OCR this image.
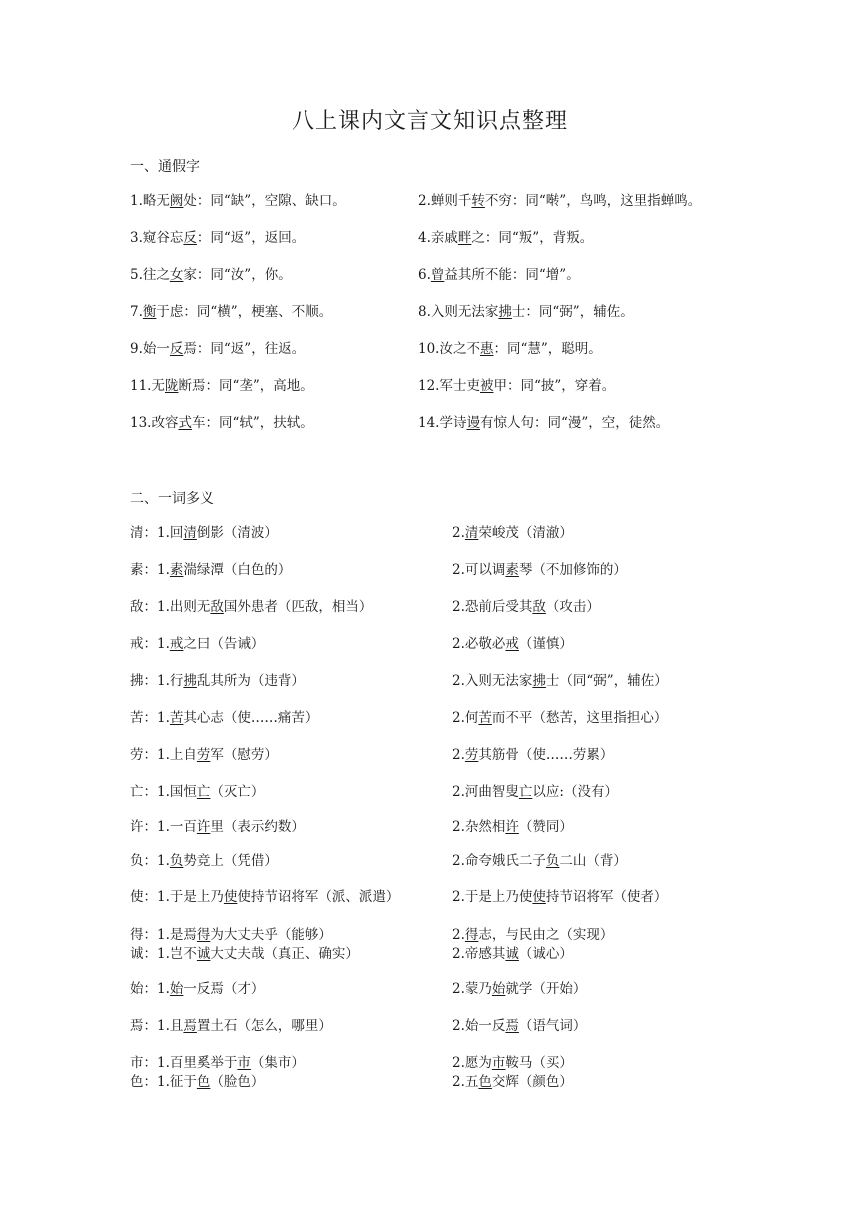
八上课内文言文知识点整理
一、通假字
1.略无阙处：同“缺”，空隙、缺口。	2.蝉则千转不穷：同“啭”，鸟鸣，这里指蝉鸣。
3.窥谷忘反：同“返”，返回。	4.亲戚畔之：同“叛”，背叛。
5.往之女家：同“汝”，你。	6.曾益其所不能：同“增”。
7.衡于虑：同“横”，梗塞、不顺。	8.入则无法家拂士：同“弼”，辅佐。
9.始一反焉：同“返”，往返。	10.汝之不惠：同“慧”，聪明。
11.无陇断焉：同“垄”，高地。	12.军士吏被甲：同“披”，穿着。
13.改容式车：同“轼”，扶轼。	14.学诗谩有惊人句：同“漫”，空，徒然。
二、一词多义
清：1.回清倒影（清波）	2.清荣峻茂（清澈）
素：1.素湍绿潭（白色的）	2.可以调素琴（不加修饰的）
敌：1.出则无敌国外患者（匹敌，相当）	2.恐前后受其敌（攻击）
戒：1.戒之曰（告诫）	2.必敬必戒（谨慎）
拂：1.行拂乱其所为（违背）	2.入则无法家拂士（同“弼”，辅佐）
苦：1.苦其心志（使……痛苦）	2.何苦而不平（愁苦，这里指担心）
劳：1.上自劳军（慰劳）	2.劳其筋骨（使……劳累）
亡：1.国恒亡（灭亡）	2.河曲智叟亡以应:（没有）
许：1.一百许里（表示约数）	2.杂然相许（赞同）
负：1.负势竞上（凭借）	2.命夸娥氏二子负二山（背）
使：1.于是上乃使使持节诏将军（派、派遣）	2.于是上乃使使持节诏将军（使者）
得：1.是焉得为大丈夫乎（能够）	2.得志，与民由之（实现）
诚：1.岂不诚大丈夫哉（真正、确实）	2.帝感其诚（诚心）
始：1.始一反焉（才）	2.蒙乃始就学（开始）
焉：1.且焉置土石（怎么，哪里）	2.始一反焉（语气词）
市：1.百里奚举于市（集市）	2.愿为市鞍马（买）
色：1.征于色（脸色）	2.五色交辉（颜色）
